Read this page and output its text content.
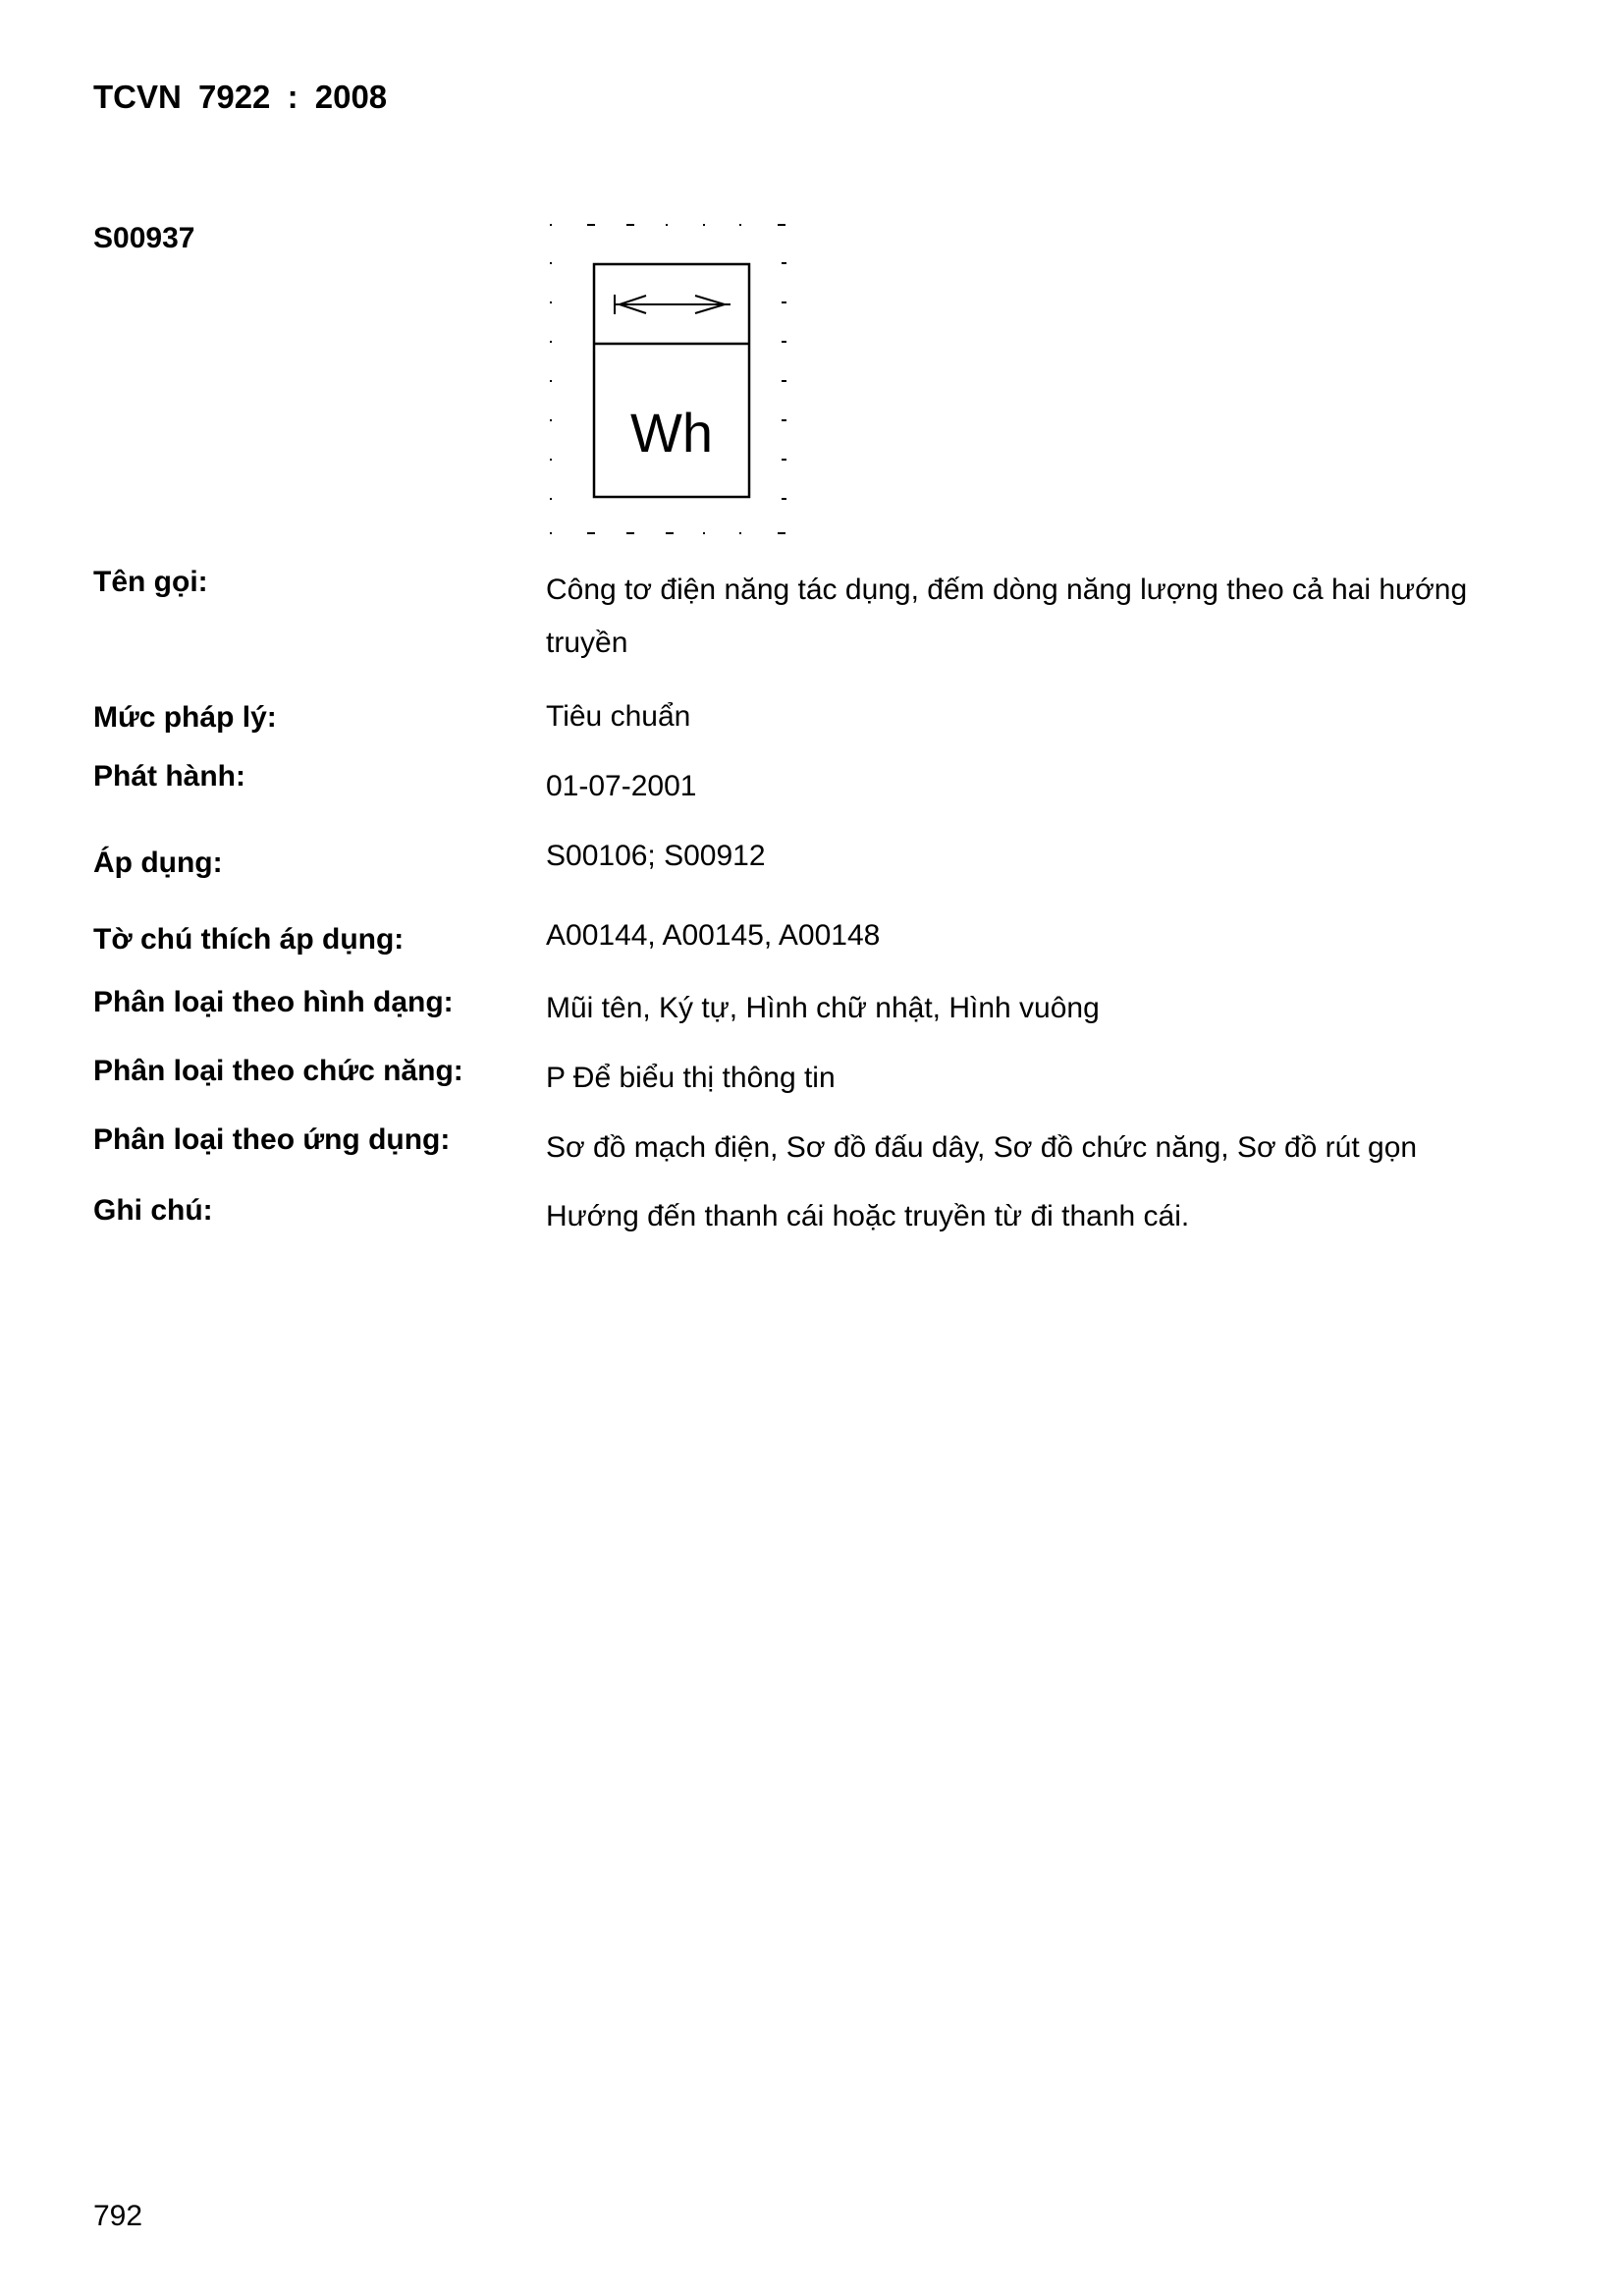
TCVN 7922 : 2008
S00937
Wh
Tên gọi:	Công tơ điện năng tác dụng, đếm dòng năng lượng theo cả hai hướng truyền
Mức pháp lý:	Tiêu chuẩn
Phát hành:	01-07-2001
Áp dụng:	S00106; S00912
Tờ chú thích áp dụng:	A00144, A00145, A00148
Phân loại theo hình dạng:	Mũi tên, Ký tự, Hình chữ nhật, Hình vuông
Phân loại theo chức năng:	P Để biểu thị thông tin
Phân loại theo ứng dụng:	Sơ đồ mạch điện, Sơ đồ đấu dây, Sơ đồ chức năng, Sơ đồ rút gọn
Ghi chú:	Hướng đến thanh cái hoặc truyền từ đi thanh cái.
792
